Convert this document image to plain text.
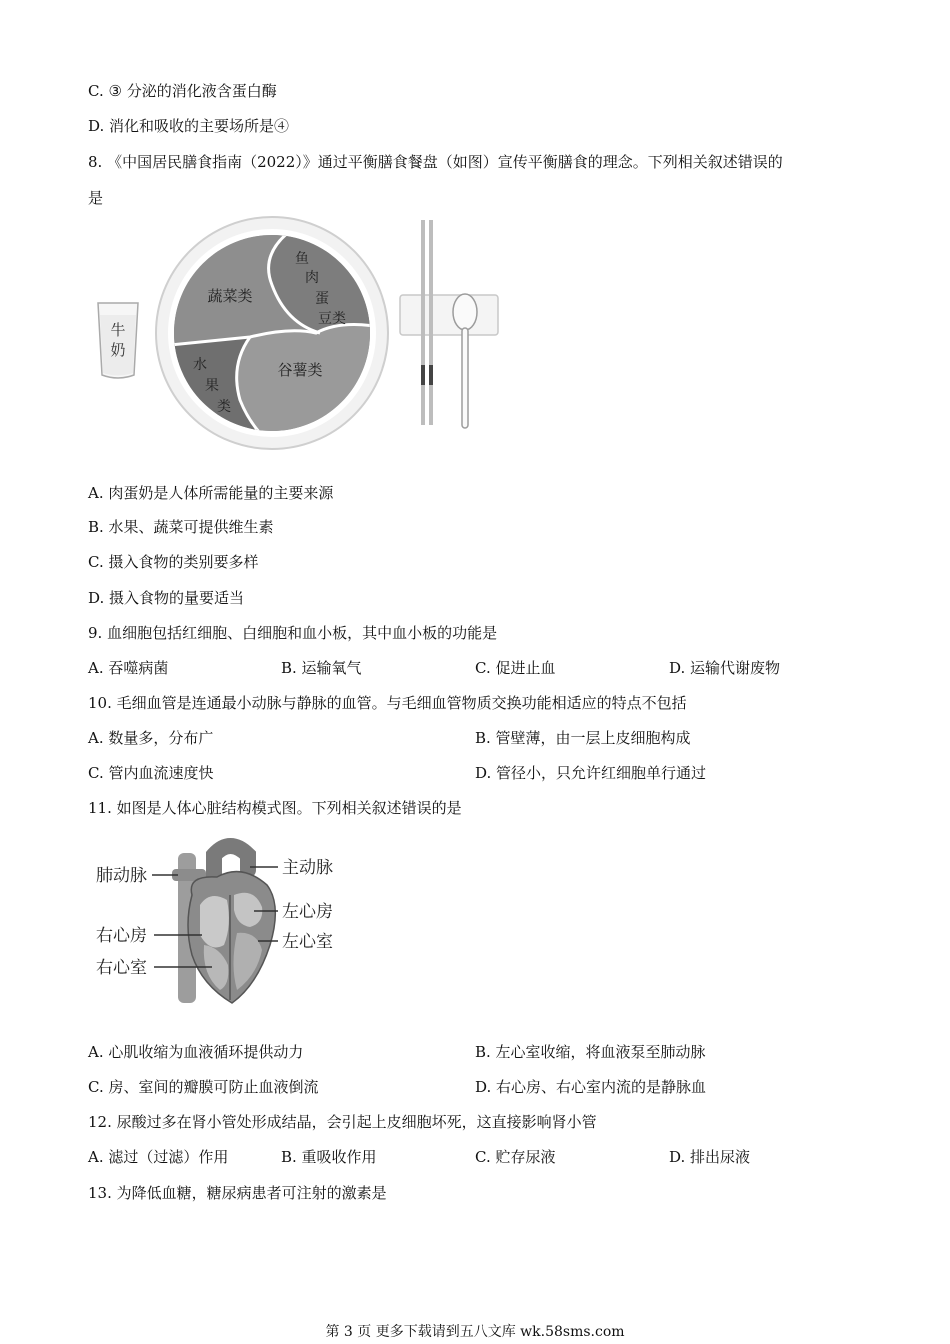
C. ③ 分泌的消化液含蛋白酶
D. 消化和吸收的主要场所是④
8. 《中国居民膳食指南（2022）》通过平衡膳食餐盘（如图）宣传平衡膳食的理念。下列相关叙述错误的
是
牛
奶
蔬菜类
鱼
肉
蛋
豆类
水
果
类
谷薯类
A. 肉蛋奶是人体所需能量的主要来源
B. 水果、蔬菜可提供维生素
C. 摄入食物的类别要多样
D. 摄入食物的量要适当
9. 血细胞包括红细胞、白细胞和血小板，其中血小板的功能是
A. 吞噬病菌	B. 运输氧气	C. 促进止血	D. 运输代谢废物
10. 毛细血管是连通最小动脉与静脉的血管。与毛细血管物质交换功能相适应的特点不包括
A. 数量多，分布广	B. 管壁薄，由一层上皮细胞构成
C. 管内血流速度快	D. 管径小，只允许红细胞单行通过
11. 如图是人体心脏结构模式图。下列相关叙述错误的是
肺动脉	主动脉
左心房
右心房	左心室
右心室
A. 心肌收缩为血液循环提供动力	B. 左心室收缩，将血液泵至肺动脉
C. 房、室间的瓣膜可防止血液倒流	D. 右心房、右心室内流的是静脉血
12. 尿酸过多在肾小管处形成结晶，会引起上皮细胞坏死，这直接影响肾小管
A. 滤过（过滤）作用	B. 重吸收作用	C. 贮存尿液	D. 排出尿液
13. 为降低血糖，糖尿病患者可注射的激素是
第 3 页 更多下载请到五八文库 wk.58sms.com
